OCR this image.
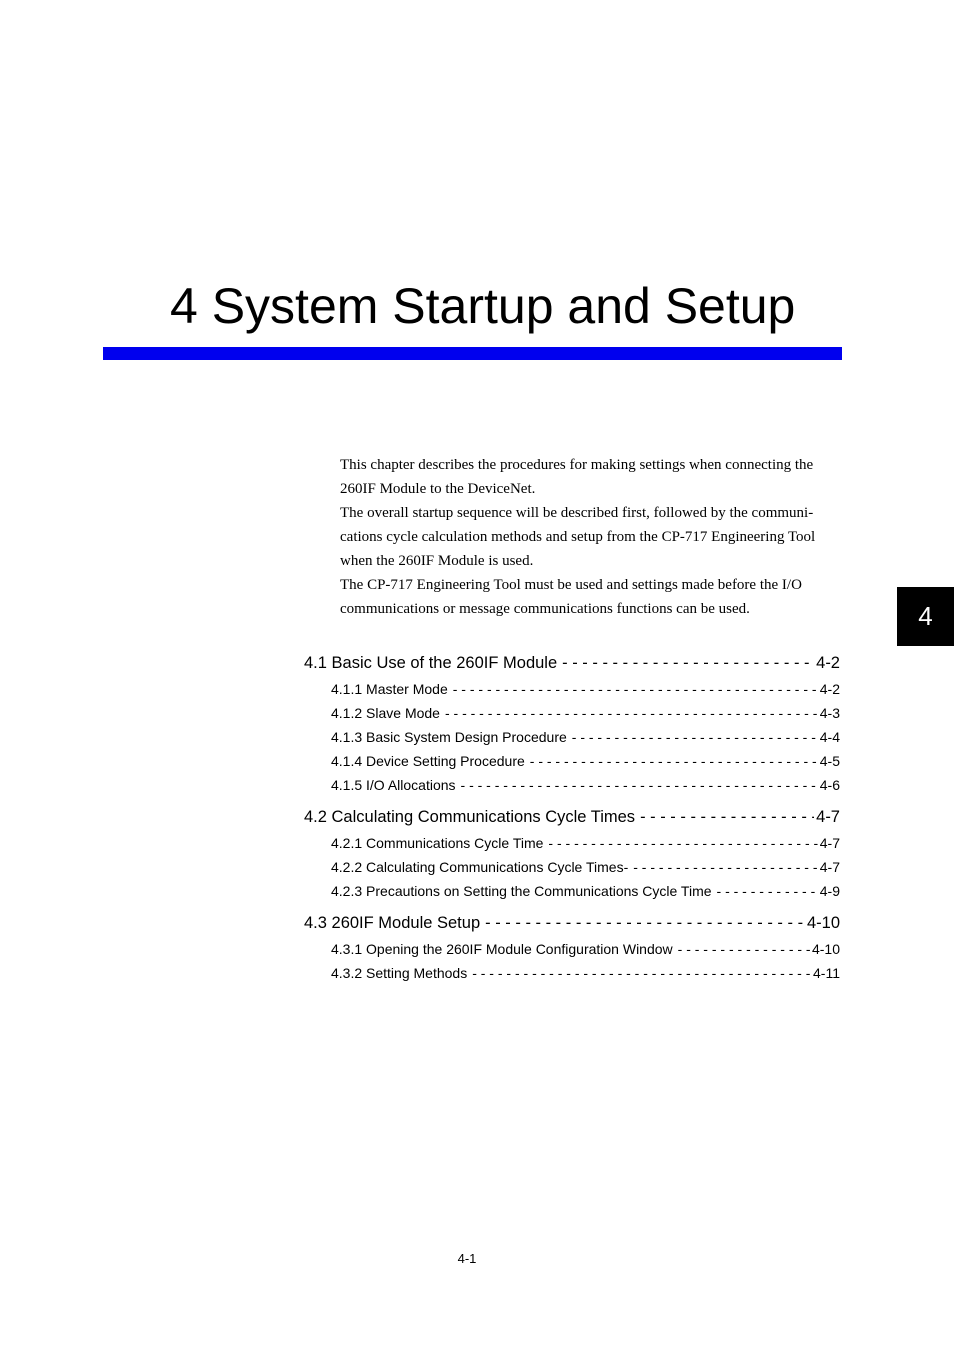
4 System Startup and Setup

This chapter describes the procedures for making settings when connecting the 260IF Module to the DeviceNet.

The overall startup sequence will be described first, followed by the communi-cations cycle calculation methods and setup from the CP-717 Engineering Tool when the 260IF Module is used.

The CP-717 Engineering Tool must be used and settings made before the I/O communications or message communications functions can be used.

4.1 Basic Use of the 260IF Module - - -	4-2
4.1.1 Master Mode - - -	4-2
4.1.2 Slave Mode - - -	4-3
4.1.3 Basic System Design Procedure - - -	4-4
4.1.4 Device Setting Procedure - - -	4-5
4.1.5 I/O Allocations - - -	4-6
4.2 Calculating Communications Cycle Times - - -	4-7
4.2.1 Communications Cycle Time - - -	4-7
4.2.2 Calculating Communications Cycle Times- - - -	4-7
4.2.3 Precautions on Setting the Communications Cycle Time - - -	4-9
4.3 260IF Module Setup - - -	4-10
4.3.1 Opening the 260IF Module Configuration Window - - -	4-10
4.3.2 Setting Methods - - -	4-11
4
4-1
